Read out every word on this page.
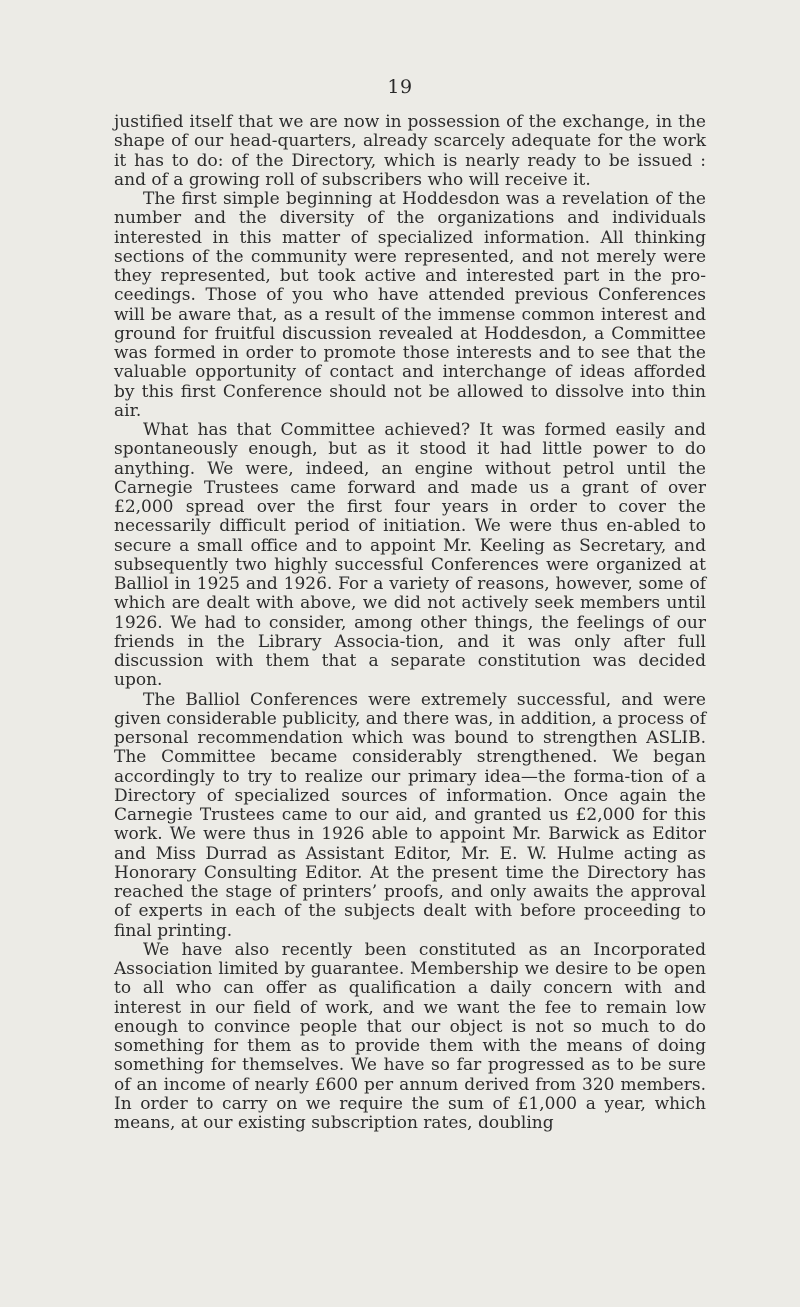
19

justified itself that we are now in possession of the exchange, in the shape of our head-quarters, already scarcely adequate for the work it has to do: of the Directory, which is nearly ready to be issued : and of a growing roll of subscribers who will receive it.

The first simple beginning at Hoddesdon was a revelation of the number and the diversity of the organizations and individuals interested in this matter of specialized information. All thinking sections of the community were represented, and not merely were they represented, but took active and interested part in the pro-ceedings. Those of you who have attended previous Conferences will be aware that, as a result of the immense common interest and ground for fruitful discussion revealed at Hoddesdon, a Committee was formed in order to promote those interests and to see that the valuable opportunity of contact and interchange of ideas afforded by this first Conference should not be allowed to dissolve into thin air.

What has that Committee achieved? It was formed easily and spontaneously enough, but as it stood it had little power to do anything. We were, indeed, an engine without petrol until the Carnegie Trustees came forward and made us a grant of over £2,000 spread over the first four years in order to cover the necessarily difficult period of initiation. We were thus en-abled to secure a small office and to appoint Mr. Keeling as Secretary, and subsequently two highly successful Conferences were organized at Balliol in 1925 and 1926. For a variety of reasons, however, some of which are dealt with above, we did not actively seek members until 1926. We had to consider, among other things, the feelings of our friends in the Library Associa-tion, and it was only after full discussion with them that a separate constitution was decided upon.

The Balliol Conferences were extremely successful, and were given considerable publicity, and there was, in addition, a process of personal recommendation which was bound to strengthen ASLIB. The Committee became considerably strengthened. We began accordingly to try to realize our primary idea—the forma-tion of a Directory of specialized sources of information. Once again the Carnegie Trustees came to our aid, and granted us £2,000 for this work. We were thus in 1926 able to appoint Mr. Barwick as Editor and Miss Durrad as Assistant Editor, Mr. E. W. Hulme acting as Honorary Consulting Editor. At the present time the Directory has reached the stage of printers’ proofs, and only awaits the approval of experts in each of the subjects dealt with before proceeding to final printing.

We have also recently been constituted as an Incorporated Association limited by guarantee. Membership we desire to be open to all who can offer as qualification a daily concern with and interest in our field of work, and we want the fee to remain low enough to convince people that our object is not so much to do something for them as to provide them with the means of doing something for themselves. We have so far progressed as to be sure of an income of nearly £600 per annum derived from 320 members. In order to carry on we require the sum of £1,000 a year, which means, at our existing subscription rates, doubling
